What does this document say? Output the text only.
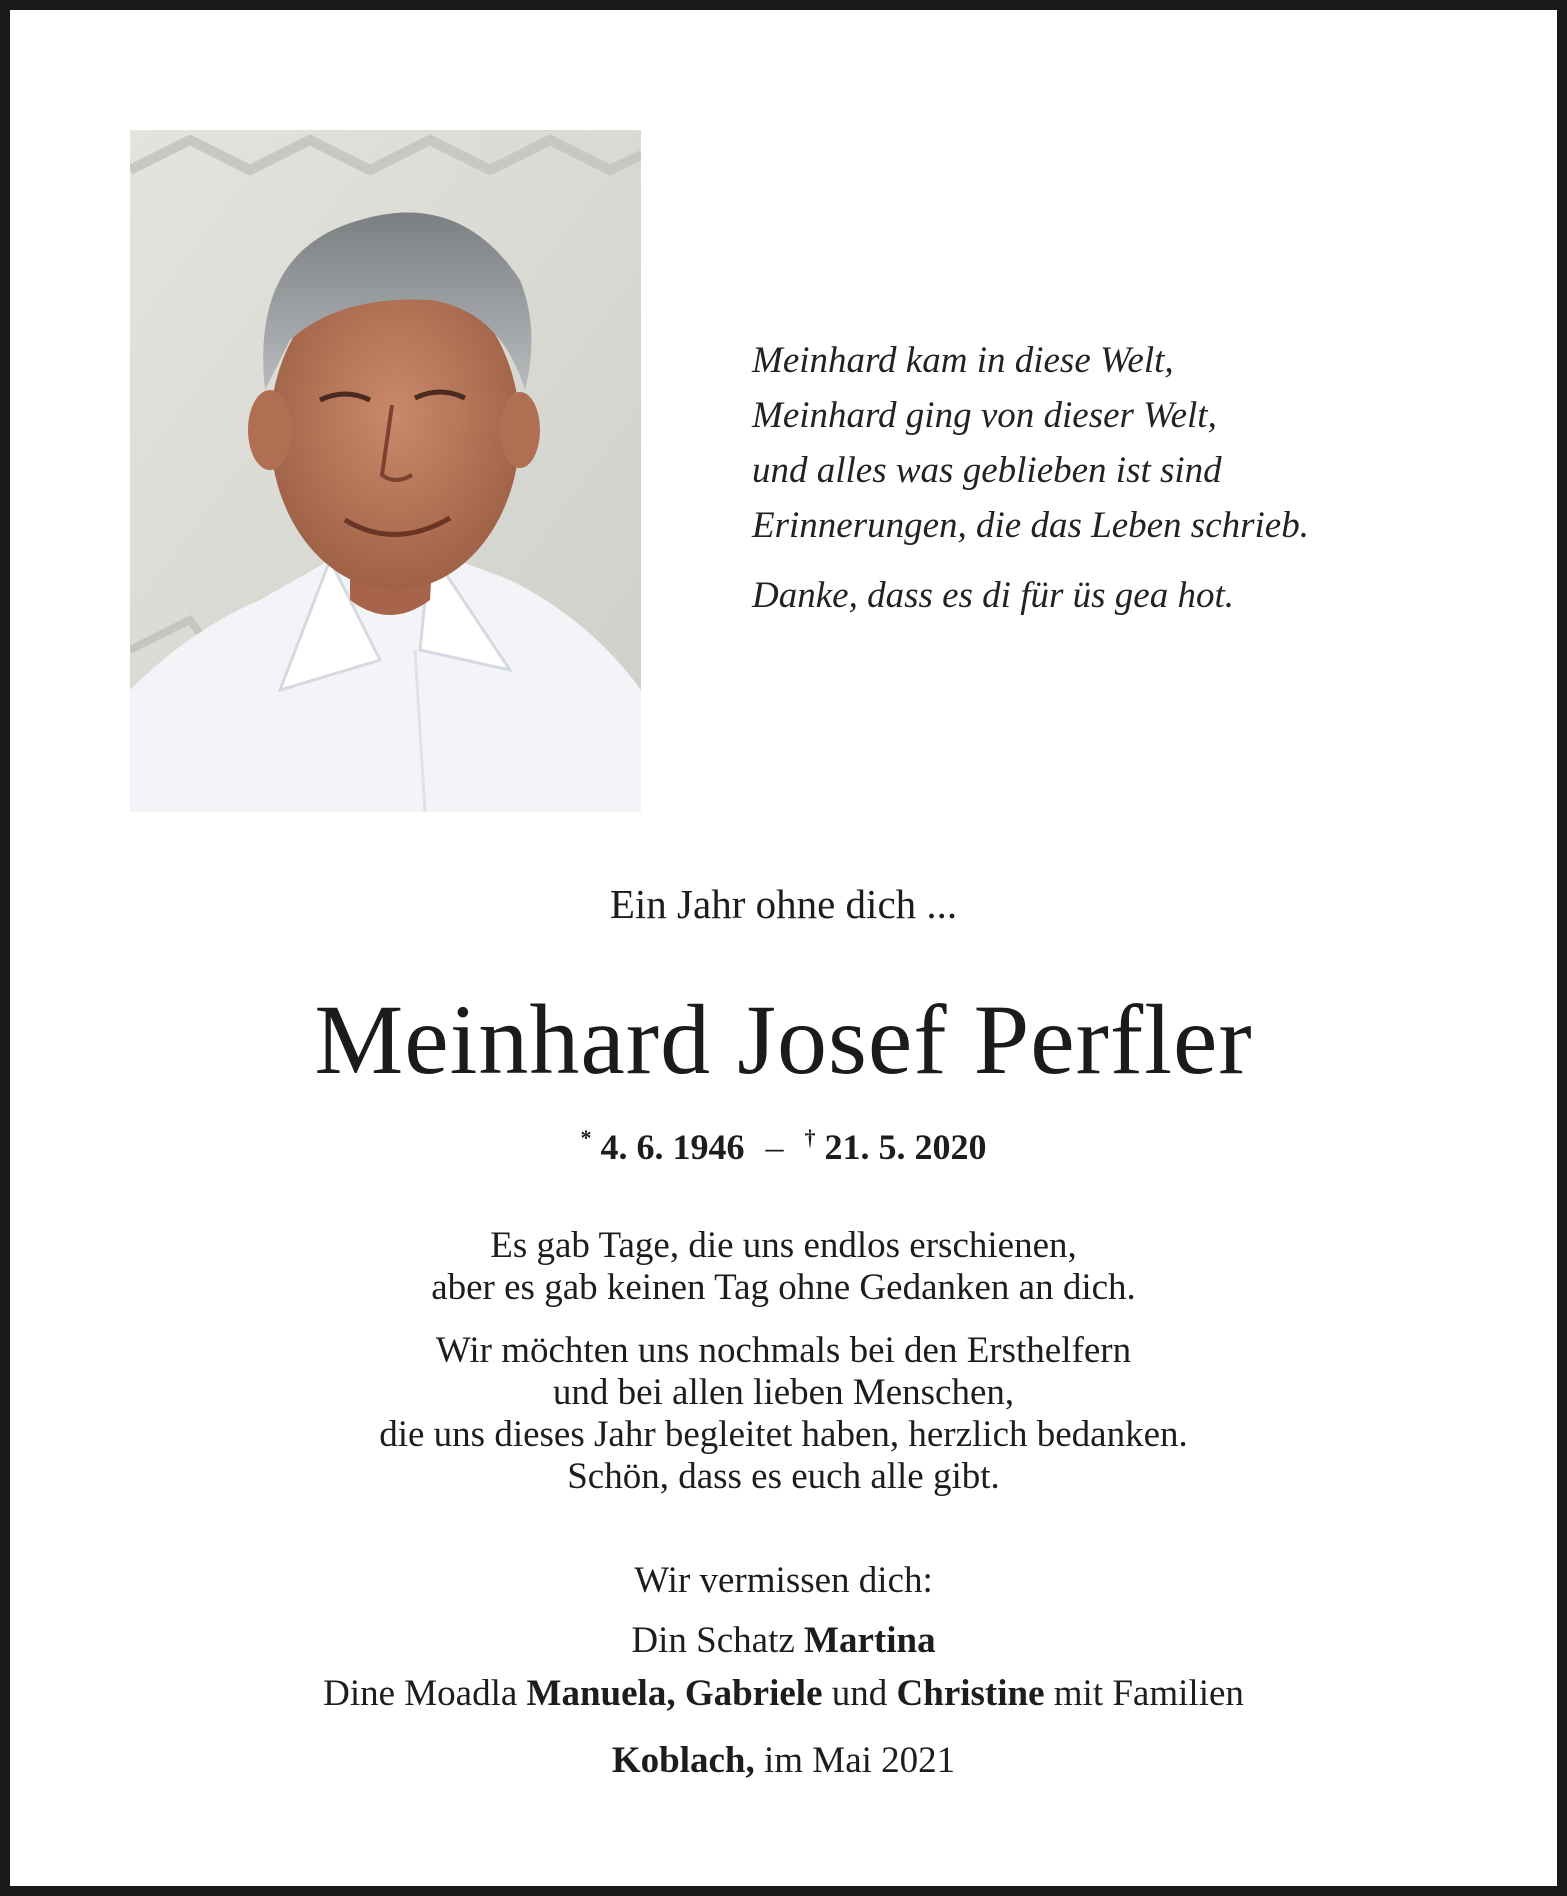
Meinhard kam in diese Welt,
Meinhard ging von dieser Welt,
und alles was geblieben ist sind
Erinnerungen, die das Leben schrieb.
Danke, dass es di für üs gea hot.
Ein Jahr ohne dich ...
Meinhard Josef Perfler
* 4. 6. 1946 – † 21. 5. 2020
Es gab Tage, die uns endlos erschienen,
aber es gab keinen Tag ohne Gedanken an dich.
Wir möchten uns nochmals bei den Ersthelfern
und bei allen lieben Menschen,
die uns dieses Jahr begleitet haben, herzlich bedanken.
Schön, dass es euch alle gibt.
Wir vermissen dich:
Din Schatz Martina
Dine Moadla Manuela, Gabriele und Christine mit Familien
Koblach, im Mai 2021
